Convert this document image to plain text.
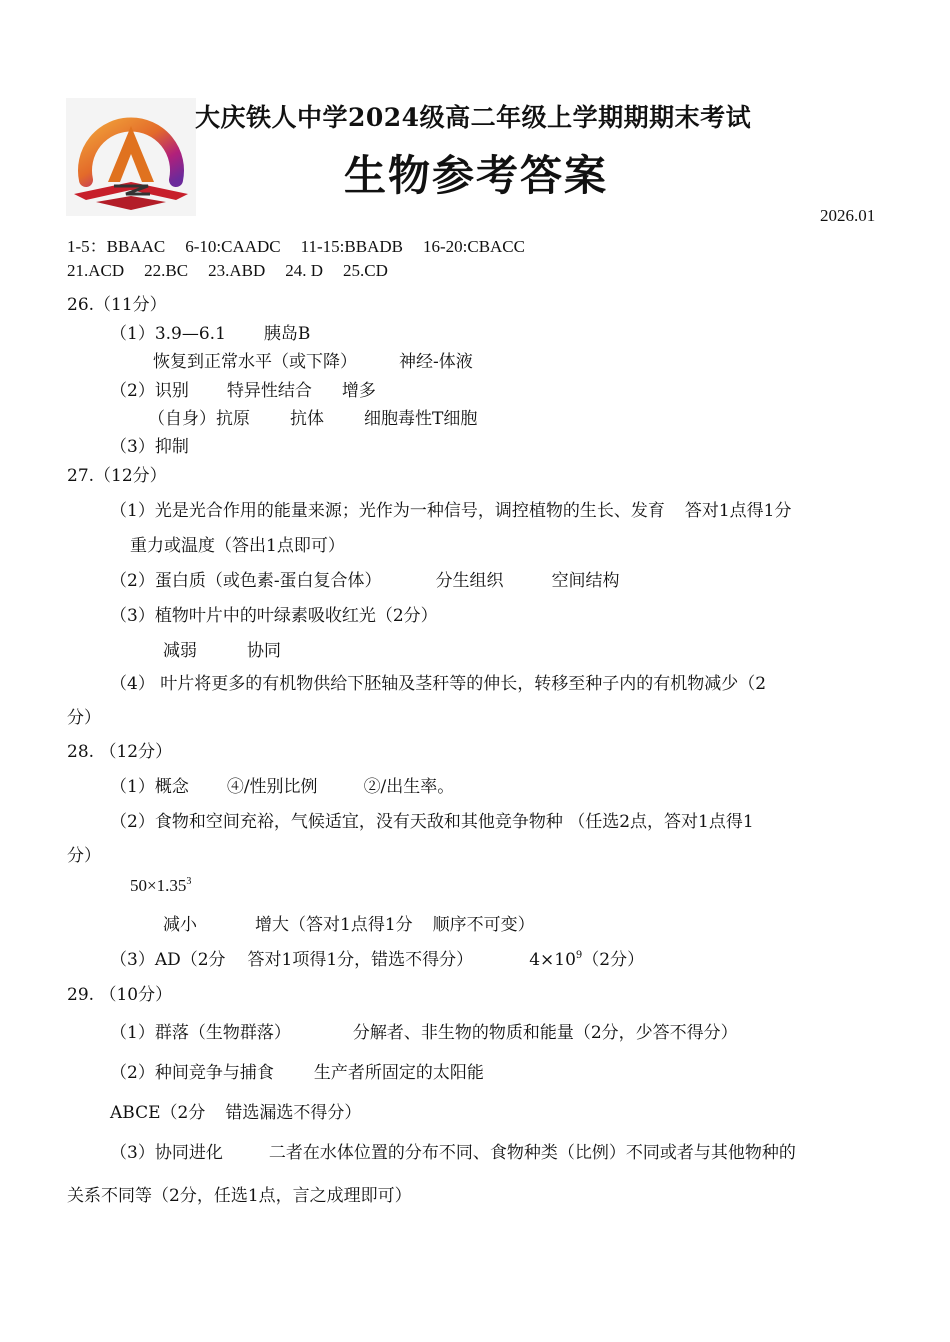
大庆铁人中学2024级高二年级上学期期期末考试
生物参考答案
2026.01
1-5：BBAAC 6-10:CAADC 11-15:BBADB 16-20:CBACC
21.ACD 22.BC 23.ABD 24. D 25.CD
26.（11分）
（1）3.9—6.1 胰岛B
恢复到正常水平（或下降） 神经-体液
（2）识别 特异性结合 增多
（自身）抗原 抗体 细胞毒性T细胞
（3）抑制
27.（12分）
（1）光是光合作用的能量来源；光作为一种信号，调控植物的生长、发育 答对1点得1分
重力或温度（答出1点即可）
（2）蛋白质（或色素-蛋白复合体）	分生组织	空间结构
（3）植物叶片中的叶绿素吸收红光（2分）
减弱	协同
（4） 叶片将更多的有机物供给下胚轴及茎秆等的伸长，转移至种子内的有机物减少（2
分）
28. （12分）
（1）概念 ④/性别比例	②/出生率。
（2）食物和空间充裕，气候适宜，没有天敌和其他竞争物种 （任选2点，答对1点得1
分）
$50\times 1.35^3$
减小	增大（答对1点得1分 顺序不可变）
（3）AD（2分 答对1项得1分，错选不得分）	$4\times 10^9(2$分）
29. （10分）
（1）群落（生物群落）	分解者、非生物的物质和能量（2分，少答不得分）
（2）种间竞争与捕食 生产者所固定的太阳能
ABCE（2分 错选漏选不得分）
（3）协同进化	二者在水体位置的分布不同、食物种类（比例）不同或者与其他物种的
关系不同等（2分，任选1点，言之成理即可）
